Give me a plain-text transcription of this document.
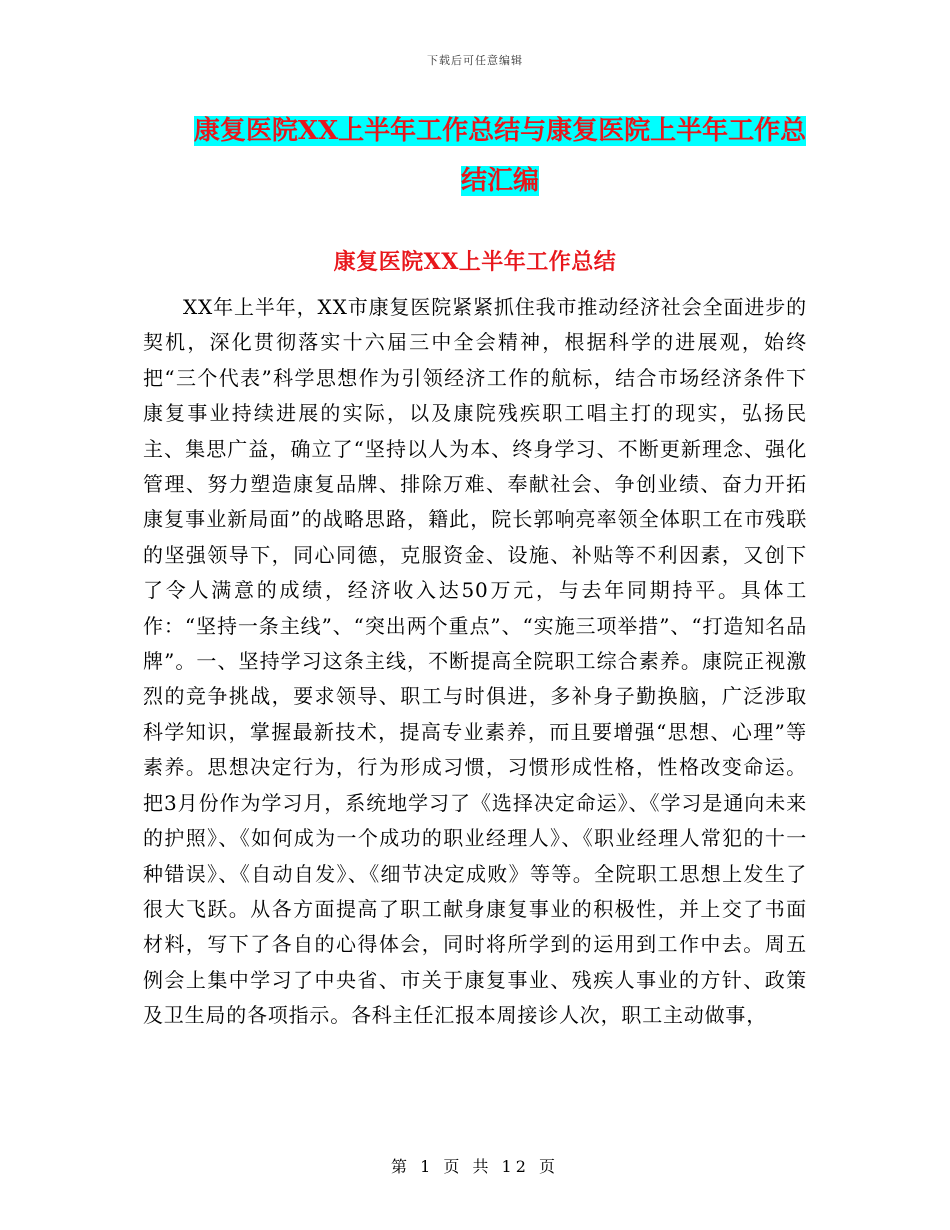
下载后可任意编辑
康复医院XX上半年工作总结与康复医院上半年工作总
结汇编
康复医院XX上半年工作总结

XX年上半年，XX市康复医院紧紧抓住我市推动经济社会全面进步的契机，深化贯彻落实十六届三中全会精神，根据科学的进展观，始终把“三个代表”科学思想作为引领经济工作的航标，结合市场经济条件下康复事业持续进展的实际，以及康院残疾职工唱主打的现实，弘扬民主、集思广益，确立了“坚持以人为本、终身学习、不断更新理念、强化管理、努力塑造康复品牌、排除万难、奉献社会、争创业绩、奋力开拓康复事业新局面”的战略思路，籍此，院长郭响亮率领全体职工在市残联的坚强领导下，同心同德，克服资金、设施、补贴等不利因素，又创下了令人满意的成绩，经济收入达50万元，与去年同期持平。具体工作：“坚持一条主线”、“突出两个重点”、“实施三项举措”、“打造知名品牌”。一、坚持学习这条主线，不断提高全院职工综合素养。康院正视激烈的竞争挑战，要求领导、职工与时俱进，多补身子勤换脑，广泛涉取科学知识，掌握最新技术，提高专业素养，而且要增强“思想、心理”等素养。思想决定行为，行为形成习惯，习惯形成性格，性格改变命运。把3月份作为学习月，系统地学习了《选择决定命运》、《学习是通向未来的护照》、《如何成为一个成功的职业经理人》、《职业经理人常犯的十一种错误》、《自动自发》、《细节决定成败》等等。全院职工思想上发生了很大飞跃。从各方面提高了职工献身康复事业的积极性，并上交了书面材料，写下了各自的心得体会，同时将所学到的运用到工作中去。周五例会上集中学习了中央省、市关于康复事业、残疾人事业的方针、政策及卫生局的各项指示。各科主任汇报本周接诊人次，职工主动做事，

第 1 页 共 12 页
